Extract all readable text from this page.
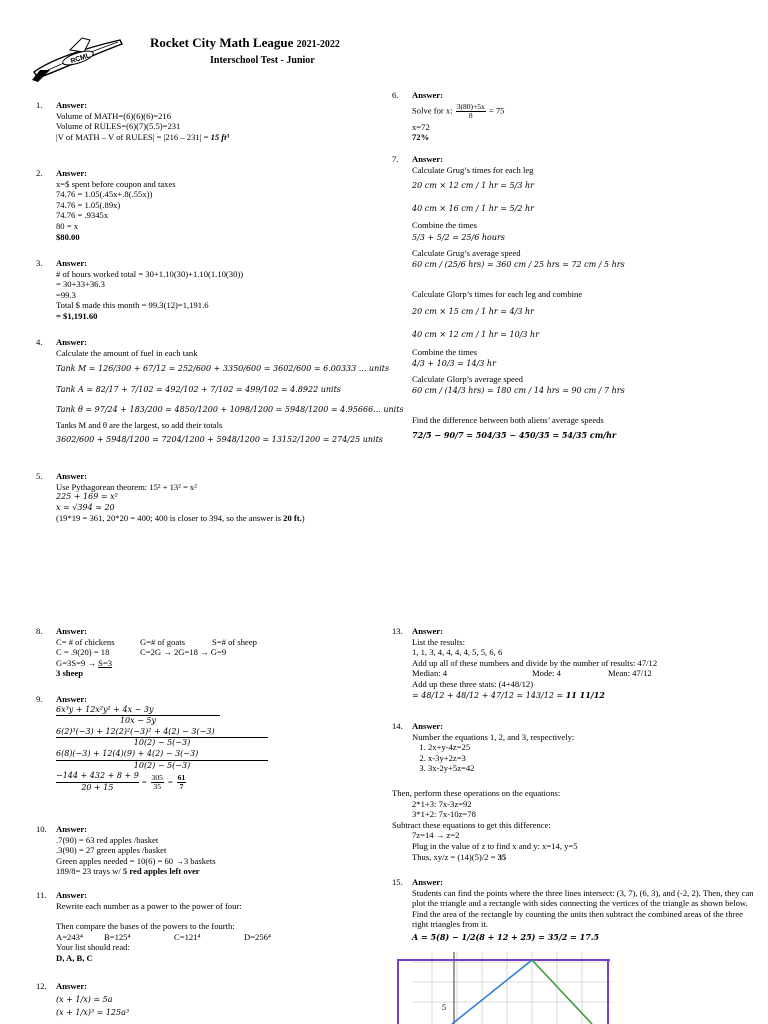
RCML
Rocket City Math League 2021-2022
Interschool Test - Junior
1. Answer:
Volume of MATH=(6)(6)(6)=216
Volume of RULES=(6)(7)(5.5)=231
|V of MATH – V of RULES| = |216 – 231| = 15 ft³
2. Answer:
x=$ spent before coupon and taxes
74.76 = 1.05(.45x+.8(.55x))
74.76 = 1.05(.89x)
74.76 = .9345x
80 = x
$80.00
3. Answer:
# of hours worked total = 30+1.10(30)+1.10(1.10(30))
= 30+33+36.3
=99.3
Total $ made this month = 99.3(12)=1,191.6
= $1,191.60
4. Answer:
Calculate the amount of fuel in each tank
Tank M = 126/300 + 67/12 = 252/600 + 3350/600 = 3602/600 = 6.00333 ... units
Tank A = 82/17 + 7/102 = 492/102 + 7/102 = 499/102 = 4.8922 units
Tank θ = 97/24 + 183/200 = 4850/1200 + 1098/1200 = 5948/1200 = 4.95666... units
Tanks M and θ are the largest, so add their totals
3602/600 + 5948/1200 = 7204/1200 + 5948/1200 = 13152/1200 = 274/25 units
5. Answer:
Use Pythagorean theorem: 15² + 13² = x²
225 + 169 = x²
x = √394 ≈ 20
(19*19 = 361, 20*20 = 400; 400 is closer to 394, so the answer is 20 ft.)
6. Answer:
Solve for x: $\frac{3(80)+5x}{8} = 75$
x=72
72%
7. Answer:
Calculate Grug’s times for each leg
20 cm × 12 cm / 1 hr = 5/3 hr
40 cm × 16 cm / 1 hr = 5/2 hr
Combine the times
5/3 + 5/2 = 25/6 hours
Calculate Grug’s average speed
60 cm / (25/6 hrs) = 360 cm / 25 hrs = 72 cm / 5 hrs
Calculate Glorp’s times for each leg and combine
20 cm × 15 cm / 1 hr = 4/3 hr
40 cm × 12 cm / 1 hr = 10/3 hr
Combine the times
4/3 + 10/3 = 14/3 hr
Calculate Glorp’s average speed
60 cm / (14/3 hrs) = 180 cm / 14 hrs = 90 cm / 7 hrs
Find the difference between both aliens’ average speeds
72/5 − 90/7 = 504/35 − 450/35 = 54/35 cm/hr
8. Answer:
C= # of chickens	G=# of goats	S=# of sheep
C = .9(20) = 18	C=2G → 2G=18 → G=9
G=3S=9 → S=3
3 sheep
9. Answer:
6x³y + 12x²y² + 4x − 3y
10x − 5y
6(2)³(−3) + 12(2)²(−3)² + 4(2) − 3(−3)
10(2) − 5(−3)
6(8)(−3) + 12(4)(9) + 4(2) − 3(−3)
10(2) − 5(−3)
$\frac{-144 + 432 + 8 + 9}{20 + 15} = \frac{305}{35} = \frac{61}{7}$
10. Answer:
.7(90) = 63 red apples /basket
.3(90) = 27 green apples /basket
Green apples needed = 10(6) = 60 →3 baskets
189/8= 23 trays w/ 5 red apples left over
11. Answer:
Rewrite each number as a power to the power of four:
Then compare the bases of the powers to the fourth:
A=243⁴	B=125⁴	C=121⁴	D=256⁴
Your list should read:
D, A, B, C
12. Answer:
(x + 1/x) = 5a
(x + 1/x)³ = 125a³
13. Answer:
List the results:
1, 1, 3, 4, 4, 4, 4, 5, 5, 6, 6
Add up all of these numbers and divide by the number of results: 47/12
Median: 4	Mode: 4	Mean: 47/12
Add up these three stats: (4+48/12)
= 48/12 + 48/12 + 47/12 = 143/12 = 11 11/12
14. Answer:
Number the equations 1, 2, and 3, respectively:
1. 2x+y-4z=25
2. x-3y+2z=3
3. 3x-2y+5z=42
Then, perform these operations on the equations:
2*1+3: 7x-3z=92
3*1+2: 7x-10z=78
Subtract these equations to get this difference:
7z=14 → z=2
Plug in the value of z to find x and y: x=14, y=5
Thus, xy/z = (14)(5)/2 = 35
15. Answer:
Students can find the points where the three lines intersect: (3, 7), (6, 3), and (-2, 2). Then, they can plot the triangle and a rectangle with sides connecting the vertices of the triangle as shown below. Find the area of the rectangle by counting the units then subtract the combined areas of the three right triangles from it.
A = 5(8) − 1/2(8 + 12 + 25) = 35/2 = 17.5
5
